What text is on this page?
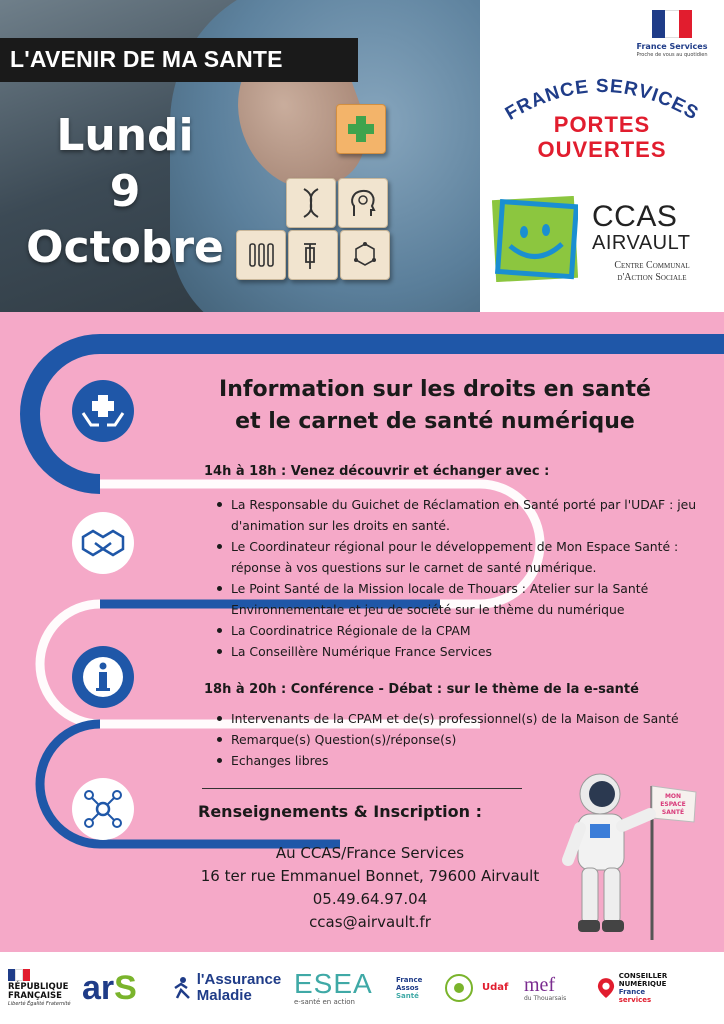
L'AVENIR DE MA SANTE
Lundi
9
Octobre
France Services
Proche de vous au quotidien
FRANCE SERVICES
PORTES
OUVERTES
CCAS
AIRVAULT
Centre Communal
d'Action Sociale
Information sur les droits en santé
et le carnet de santé numérique
14h à 18h : Venez découvrir et échanger avec :
La Responsable du Guichet de Réclamation en Santé porté par l'UDAF : jeu d'animation sur les droits en santé.
Le Coordinateur régional pour le développement de Mon Espace Santé : réponse à vos questions sur le carnet de santé numérique.
Le Point Santé de la Mission locale de Thouars : Atelier sur la Santé Environnementale et jeu de société sur le thème du numérique
La Coordinatrice Régionale de la CPAM
La Conseillère Numérique France Services
18h à 20h : Conférence - Débat : sur le thème de la e-santé
Intervenants de la CPAM et de(s) professionnel(s) de la Maison de Santé
Remarque(s) Question(s)/réponse(s)
Echanges libres
Renseignements & Inscription :
Au CCAS/France Services
16 ter rue Emmanuel Bonnet, 79600 Airvault
05.49.64.97.04
ccas@airvault.fr
MON
ESPACE
SANTÉ
RÉPUBLIQUE
FRANÇAISE
Liberté Égalité Fraternité arS	l'Assurance
Maladie	ESEA
e-santé en action
France
Assos
Santé
Udaf mef
du Thouarsais
CONSEILLER
NUMÉRIQUE
France
services
